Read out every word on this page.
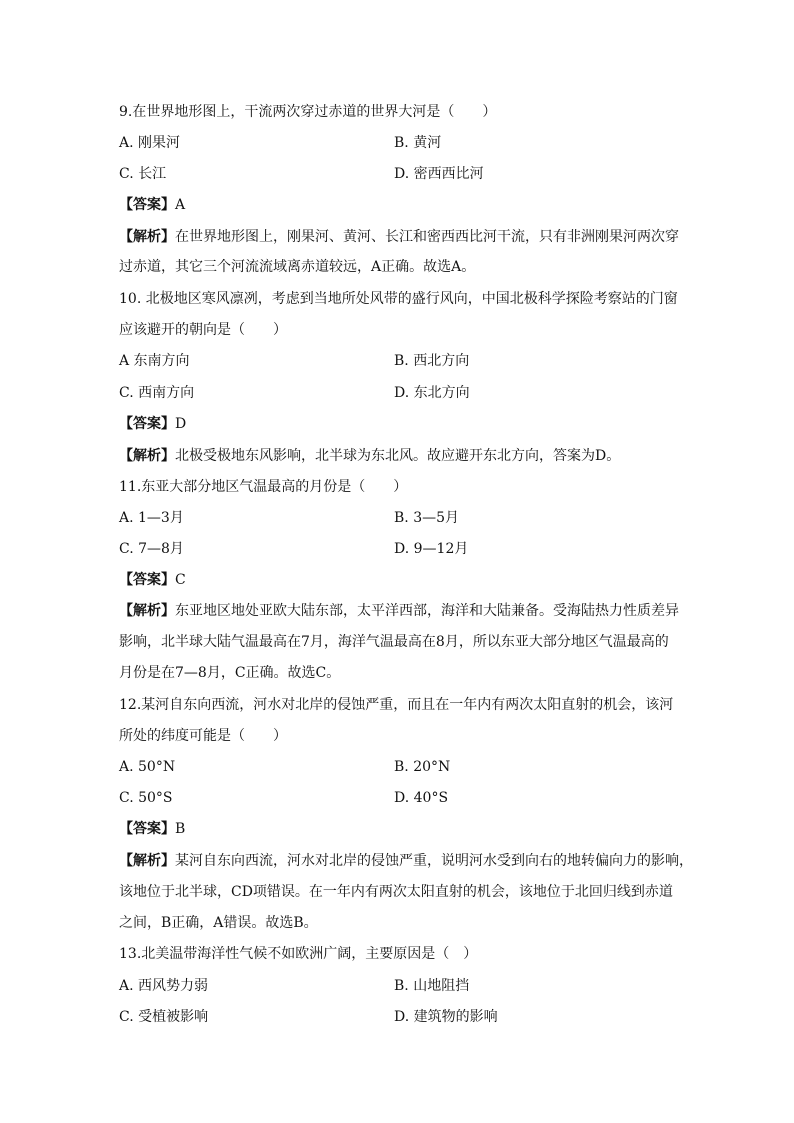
9.在世界地形图上，干流两次穿过赤道的世界大河是（　　）
A. 刚果河	B. 黄河
C. 长江	D. 密西西比河
【答案】A
【解析】在世界地形图上，刚果河、黄河、长江和密西西比河干流，只有非洲刚果河两次穿
过赤道，其它三个河流流域离赤道较远，A正确。故选A。
10. 北极地区寒风凛冽，考虑到当地所处风带的盛行风向，中国北极科学探险考察站的门窗
应该避开的朝向是（　　）
A 东南方向	B. 西北方向
C. 西南方向	D. 东北方向
【答案】D
【解析】北极受极地东风影响，北半球为东北风。故应避开东北方向，答案为D。
11.东亚大部分地区气温最高的月份是（　　）
A. 1—3月	B. 3—5月
C. 7—8月	D. 9—12月
【答案】C
【解析】东亚地区地处亚欧大陆东部，太平洋西部，海洋和大陆兼备。受海陆热力性质差异
影响，北半球大陆气温最高在7月，海洋气温最高在8月，所以东亚大部分地区气温最高的
月份是在7—8月，C正确。故选C。
12.某河自东向西流，河水对北岸的侵蚀严重，而且在一年内有两次太阳直射的机会，该河
所处的纬度可能是（　　）
A. 50°N	B. 20°N
C. 50°S	D. 40°S
【答案】B
【解析】某河自东向西流，河水对北岸的侵蚀严重，说明河水受到向右的地转偏向力的影响，
该地位于北半球，CD项错误。在一年内有两次太阳直射的机会，该地位于北回归线到赤道
之间，B正确，A错误。故选B。
13.北美温带海洋性气候不如欧洲广阔，主要原因是（　）
A. 西风势力弱	B. 山地阻挡
C. 受植被影响	D. 建筑物的影响
